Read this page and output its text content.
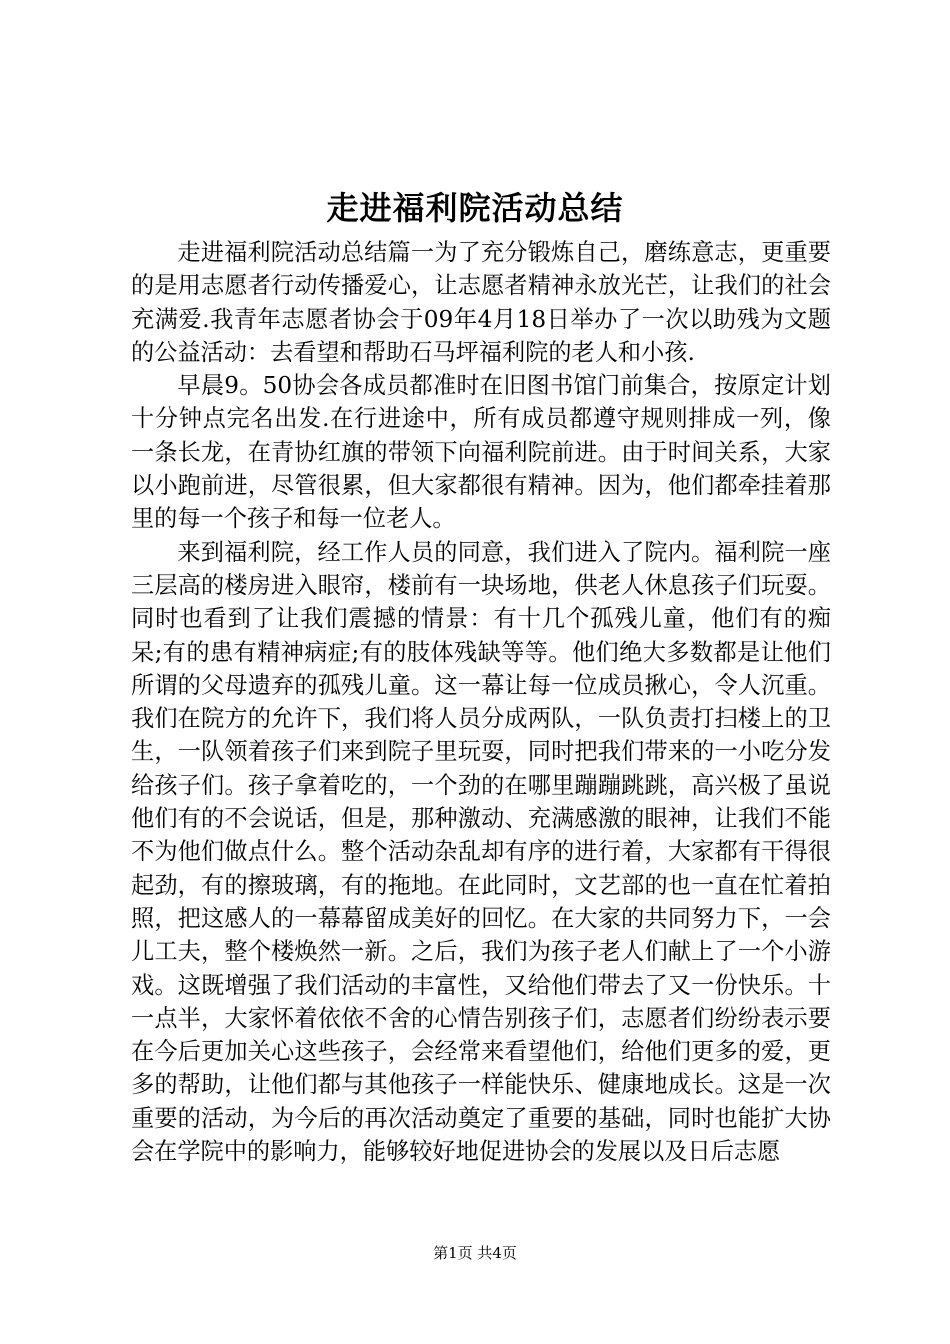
走进福利院活动总结

走进福利院活动总结篇一为了充分锻炼自己，磨练意志，更重要的是用志愿者行动传播爱心，让志愿者精神永放光芒，让我们的社会充满爱.我青年志愿者协会于09年4月18日举办了一次以助残为文题的公益活动：去看望和帮助石马坪福利院的老人和小孩.

早晨9。50协会各成员都准时在旧图书馆门前集合，按原定计划十分钟点完名出发.在行进途中，所有成员都遵守规则排成一列，像一条长龙，在青协红旗的带领下向福利院前进。由于时间关系，大家以小跑前进，尽管很累，但大家都很有精神。因为，他们都牵挂着那里的每一个孩子和每一位老人。

来到福利院，经工作人员的同意，我们进入了院内。福利院一座三层高的楼房进入眼帘，楼前有一块场地，供老人休息孩子们玩耍。同时也看到了让我们震撼的情景：有十几个孤残儿童，他们有的痴呆;有的患有精神病症;有的肢体残缺等等。他们绝大多数都是让他们所谓的父母遗弃的孤残儿童。这一幕让每一位成员揪心，令人沉重。我们在院方的允许下，我们将人员分成两队，一队负责打扫楼上的卫生，一队领着孩子们来到院子里玩耍，同时把我们带来的一小吃分发给孩子们。孩子拿着吃的，一个劲的在哪里蹦蹦跳跳，高兴极了虽说他们有的不会说话，但是，那种激动、充满感激的眼神，让我们不能不为他们做点什么。整个活动杂乱却有序的进行着，大家都有干得很起劲，有的擦玻璃，有的拖地。在此同时，文艺部的也一直在忙着拍照，把这感人的一幕幕留成美好的回忆。在大家的共同努力下，一会儿工夫，整个楼焕然一新。之后，我们为孩子老人们献上了一个小游戏。这既增强了我们活动的丰富性，又给他们带去了又一份快乐。十一点半，大家怀着依依不舍的心情告别孩子们，志愿者们纷纷表示要在今后更加关心这些孩子，会经常来看望他们，给他们更多的爱，更多的帮助，让他们都与其他孩子一样能快乐、健康地成长。这是一次重要的活动，为今后的再次活动奠定了重要的基础，同时也能扩大协会在学院中的影响力，能够较好地促进协会的发展以及日后志愿

第1页 共4页
